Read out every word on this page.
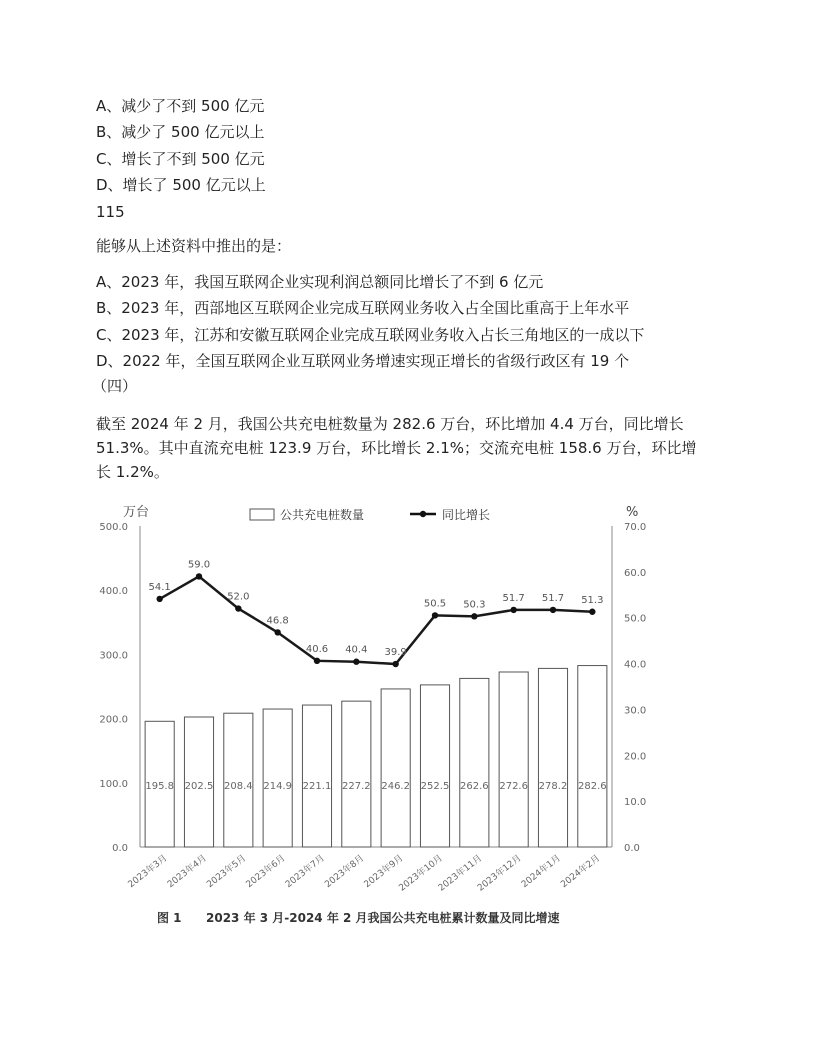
A、减少了不到 500 亿元
B、减少了 500 亿元以上
C、增长了不到 500 亿元
D、增长了 500 亿元以上
115
能够从上述资料中推出的是：
A、2023 年，我国互联网企业实现利润总额同比增长了不到 6 亿元
B、2023 年，西部地区互联网企业完成互联网业务收入占全国比重高于上年水平
C、2023 年，江苏和安徽互联网企业完成互联网业务收入占长三角地区的一成以下
D、2022 年，全国互联网企业互联网业务增速实现正增长的省级行政区有 19 个
（四）
截至 2024 年 2 月，我国公共充电桩数量为 282.6 万台，环比增加 4.4 万台，同比增长
51.3%。其中直流充电桩 123.9 万台，环比增长 2.1%；交流充电桩 158.6 万台，环比增
长 1.2%。
0.0
100.0
200.0
300.0
400.0
500.0
0.0
10.0
20.0
30.0
40.0
50.0
60.0
70.0
万台	%
195.8 202.5 208.4 214.9 221.1 227.2 246.2 252.5 262.6 272.6 278.2 282.6
54.1
59.0
52.0
46.8
40.6 40.4 39.9
50.5 50.3
51.7 51.7 51.3
2023年3月
2023年4月
2023年5月
2023年6月
2023年7月
2023年8月
2023年9月
2023年10月
2023年11月
2023年12月
2024年1月
2024年2月
公共充电桩数量	同比增长
图 1 2023 年 3 月-2024 年 2 月我国公共充电桩累计数量及同比增速
